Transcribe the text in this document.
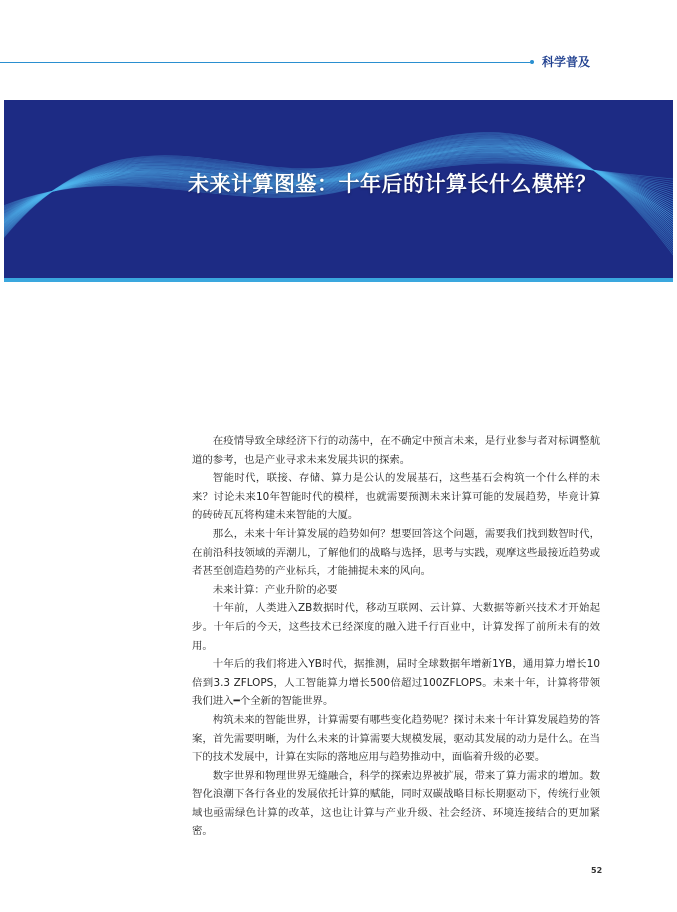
科学普及
未来计算图鉴：十年后的计算长什么模样？

在疫情导致全球经济下行的动荡中，在不确定中预言未来，是行业参与者对标调整航道的参考，也是产业寻求未来发展共识的探索。

智能时代，联接、存储、算力是公认的发展基石，这些基石会构筑一个什么样的未来？讨论未来10年智能时代的模样，也就需要预测未来计算可能的发展趋势，毕竟计算的砖砖瓦瓦将构建未来智能的大厦。

那么，未来十年计算发展的趋势如何？想要回答这个问题，需要我们找到数智时代，在前沿科技领域的弄潮儿，了解他们的战略与选择，思考与实践，观摩这些最接近趋势或者甚至创造趋势的产业标兵，才能捕捉未来的风向。

未来计算：产业升阶的必要

十年前，人类进入ZB数据时代，移动互联网、云计算、大数据等新兴技术才开始起步。十年后的今天，这些技术已经深度的融入进千行百业中，计算发挥了前所未有的效用。

十年后的我们将进入YB时代，据推测，届时全球数据年增新1YB，通用算力增长10倍到3.3 ZFLOPS，人工智能算力增长500倍超过100ZFLOPS。未来十年，计算将带领我们进入━个全新的智能世界。

构筑未来的智能世界，计算需要有哪些变化趋势呢？探讨未来十年计算发展趋势的答案，首先需要明晰，为什么未来的计算需要大规模发展，驱动其发展的动力是什么。在当下的技术发展中，计算在实际的落地应用与趋势推动中，面临着升级的必要。

数字世界和物理世界无缝融合，科学的探索边界被扩展，带来了算力需求的增加。数智化浪潮下各行各业的发展依托计算的赋能，同时双碳战略目标长期驱动下，传统行业领域也亟需绿色计算的改革，这也让计算与产业升级、社会经济、环境连接结合的更加紧密。

52
